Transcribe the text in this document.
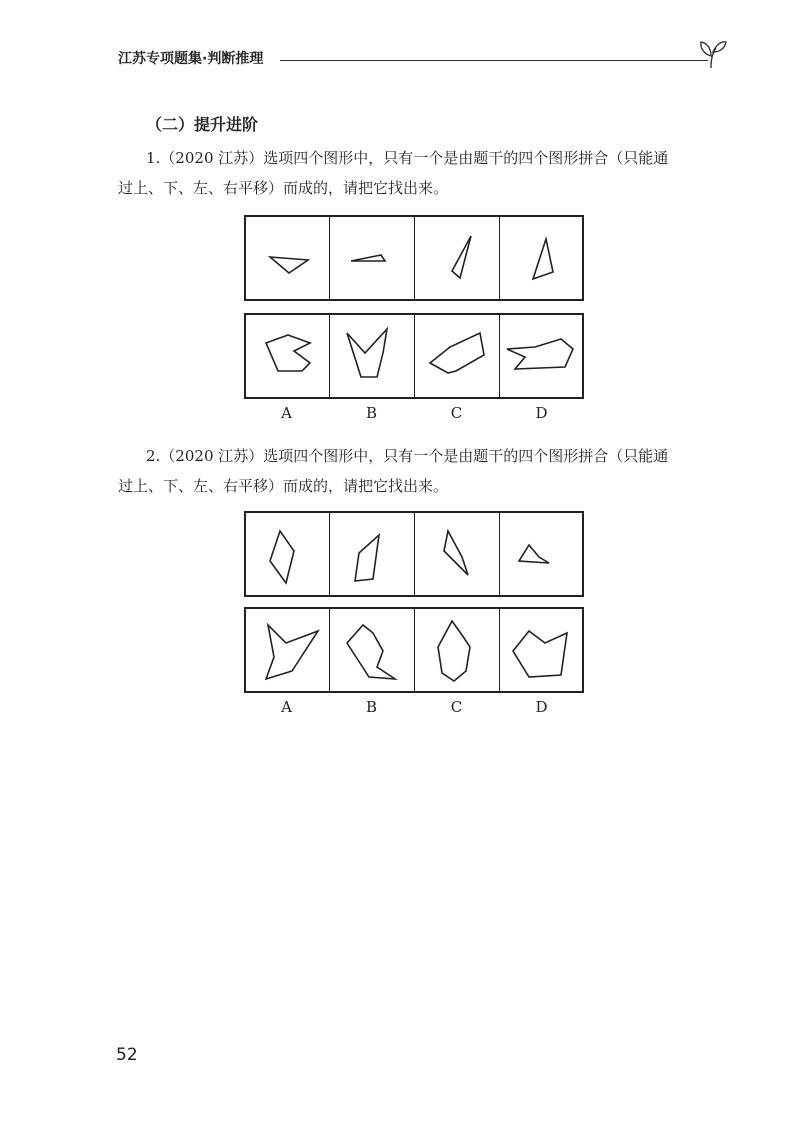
江苏专项题集·判断推理
（二）提升进阶
1.（2020 江苏）选项四个图形中，只有一个是由题干的四个图形拼合（只能通
过上、下、左、右平移）而成的，请把它找出来。
A	B	C	D
2.（2020 江苏）选项四个图形中，只有一个是由题干的四个图形拼合（只能通
过上、下、左、右平移）而成的，请把它找出来。
A	B	C	D
52
